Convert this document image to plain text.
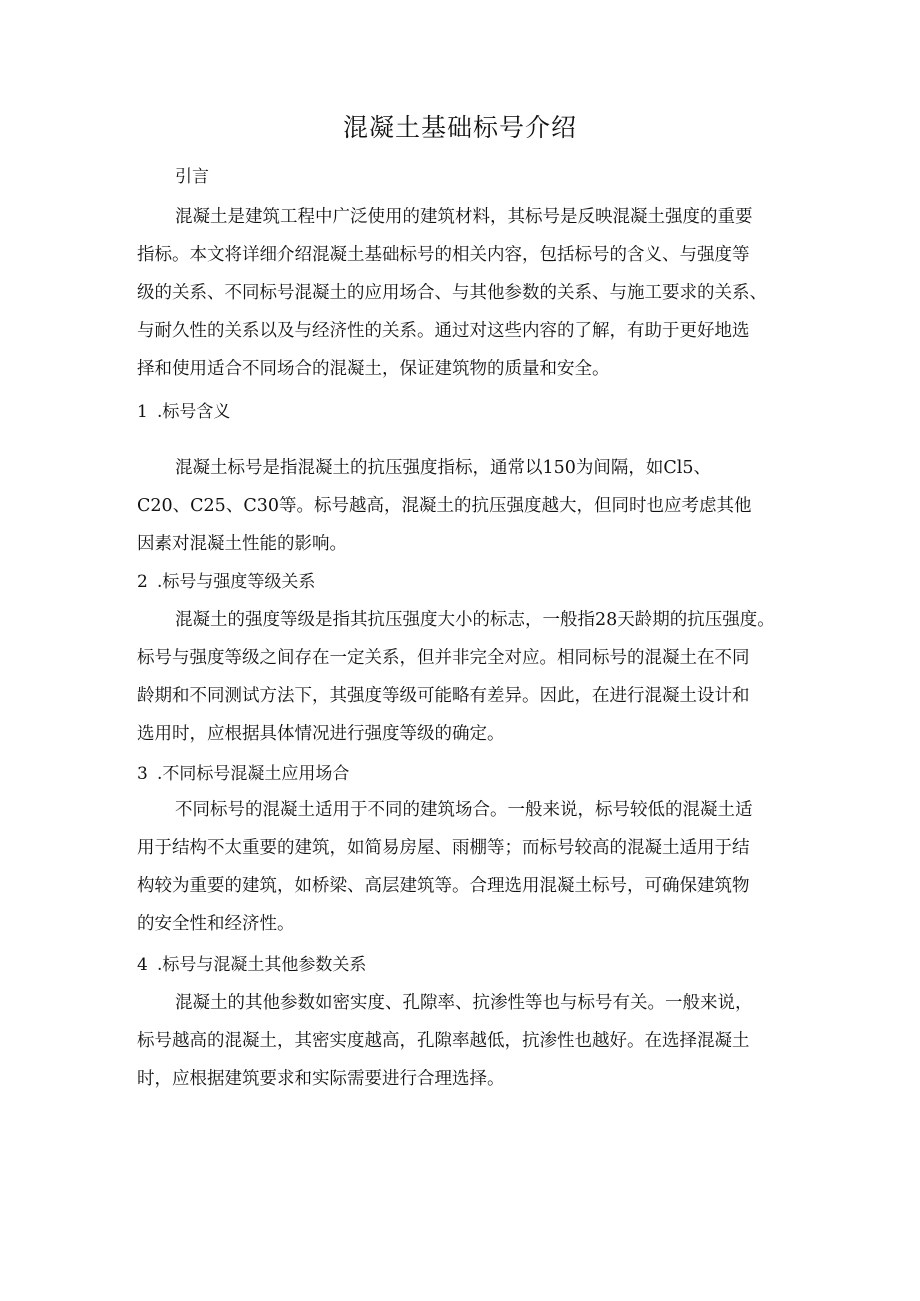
混凝土基础标号介绍
引言
混凝土是建筑工程中广泛使用的建筑材料，其标号是反映混凝土强度的重要
指标。本文将详细介绍混凝土基础标号的相关内容，包括标号的含义、与强度等
级的关系、不同标号混凝土的应用场合、与其他参数的关系、与施工要求的关系、
与耐久性的关系以及与经济性的关系。通过对这些内容的了解，有助于更好地选
择和使用适合不同场合的混凝土，保证建筑物的质量和安全。
1 .标号含义
混凝土标号是指混凝土的抗压强度指标，通常以150为间隔，如Cl5、
C20、C25、C30等。标号越高，混凝土的抗压强度越大，但同时也应考虑其他
因素对混凝土性能的影响。
2 .标号与强度等级关系
混凝土的强度等级是指其抗压强度大小的标志，一般指28天龄期的抗压强度。
标号与强度等级之间存在一定关系，但并非完全对应。相同标号的混凝土在不同
龄期和不同测试方法下，其强度等级可能略有差异。因此，在进行混凝土设计和
选用时，应根据具体情况进行强度等级的确定。
3 .不同标号混凝土应用场合
不同标号的混凝土适用于不同的建筑场合。一般来说，标号较低的混凝土适
用于结构不太重要的建筑，如简易房屋、雨棚等；而标号较高的混凝土适用于结
构较为重要的建筑，如桥梁、高层建筑等。合理选用混凝土标号，可确保建筑物
的安全性和经济性。
4 .标号与混凝土其他参数关系
混凝土的其他参数如密实度、孔隙率、抗渗性等也与标号有关。一般来说，
标号越高的混凝土，其密实度越高，孔隙率越低，抗渗性也越好。在选择混凝土
时，应根据建筑要求和实际需要进行合理选择。
